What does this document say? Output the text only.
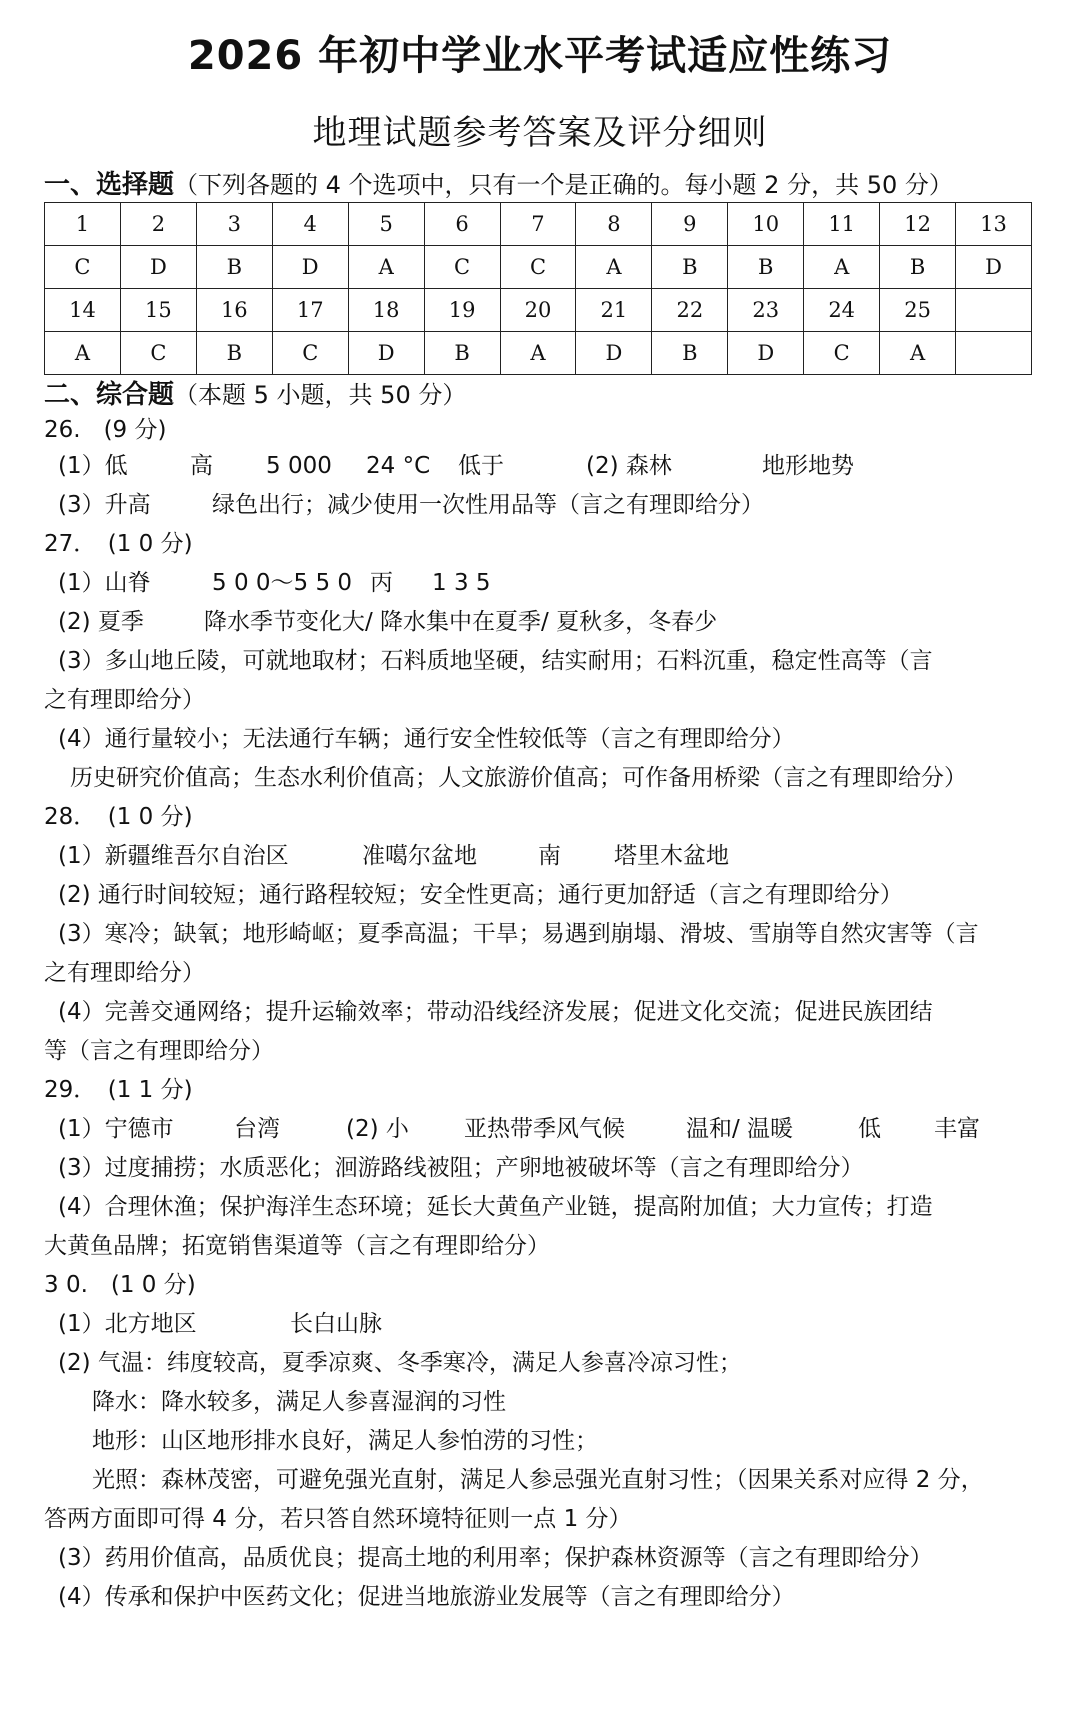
2026 年初中学业水平考试适应性练习
地理试题参考答案及评分细则
一、选择题（下列各题的 4 个选项中，只有一个是正确的。每小题 2 分，共 50 分）
1	2	3	4	5	6	7	8	9	10	11	12	13
C	D	B	D	A	C	C	A	B	B	A	B	D
14	15	16	17	18	19	20	21	22	23	24	25	
A	C	B	C	D	B	A	D	B	D	C	A	
二、综合题（本题 5 小题，共 50 分）
26.　(9 分)
(1）低	高 5 000 24 °C 低于	(2) 森林	地形地势
(3）升高	绿色出行；减少使用一次性用品等（言之有理即给分）
27．　(1 0 分)
(1）山脊	5 0 0～5 5 0 丙 1 3 5
(2) 夏季	降水季节变化大/ 降水集中在夏季/ 夏秋多，冬春少
(3）多山地丘陵，可就地取材；石料质地坚硬，结实耐用；石料沉重，稳定性高等（言
之有理即给分）
(4）通行量较小；无法通行车辆；通行安全性较低等（言之有理即给分）
历史研究价值高；生态水利价值高；人文旅游价值高；可作备用桥梁（言之有理即给分）
28．　(1 0 分)
(1）新疆维吾尔自治区	准噶尔盆地	南 塔里木盆地
(2) 通行时间较短；通行路程较短；安全性更高；通行更加舒适（言之有理即给分）
(3）寒冷；缺氧；地形崎岖；夏季高温；干旱；易遇到崩塌、滑坡、雪崩等自然灾害等（言
之有理即给分）
(4）完善交通网络；提升运输效率；带动沿线经济发展；促进文化交流；促进民族团结
等（言之有理即给分）
29．　(1 1 分)
(1）宁德市	台湾	(2) 小 亚热带季风气候	温和/ 温暖	低 丰富
(3）过度捕捞；水质恶化；洄游路线被阻；产卵地被破坏等（言之有理即给分）
(4）合理休渔；保护海洋生态环境；延长大黄鱼产业链，提高附加值；大力宣传；打造
大黄鱼品牌；拓宽销售渠道等（言之有理即给分）
3 0.　(1 0 分)
(1）北方地区	长白山脉
(2) 气温：纬度较高，夏季凉爽、冬季寒冷，满足人参喜冷凉习性；
降水：降水较多，满足人参喜湿润的习性
地形：山区地形排水良好，满足人参怕涝的习性；
光照：森林茂密，可避免强光直射，满足人参忌强光直射习性；（因果关系对应得 2 分，
答两方面即可得 4 分，若只答自然环境特征则一点 1 分）
(3）药用价值高，品质优良；提高土地的利用率；保护森林资源等（言之有理即给分）
(4）传承和保护中医药文化；促进当地旅游业发展等（言之有理即给分）
